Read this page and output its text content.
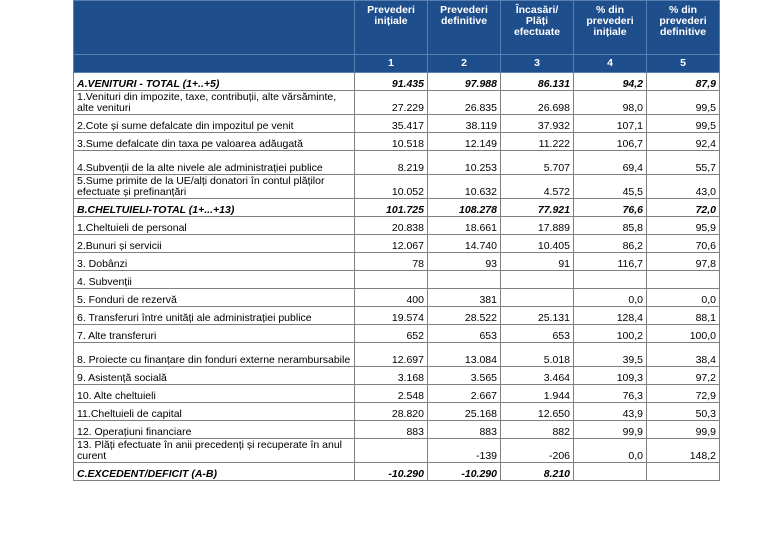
	Prevederi inițiale	Prevederi definitive	Încasări/ Plăți efectuate	% din prevederi inițiale	% din prevederi definitive
	1	2	3	4	5
A.VENITURI - TOTAL (1+..+5)	91.435	97.988	86.131	94,2	87,9
1.Venituri din impozite, taxe, contribuții, alte vărsăminte, alte venituri	27.229	26.835	26.698	98,0	99,5
2.Cote și sume defalcate din impozitul pe venit	35.417	38.119	37.932	107,1	99,5
3.Sume defalcate din taxa pe valoarea adăugată	10.518	12.149	11.222	106,7	92,4
4.Subvenții de la alte nivele ale administrației publice	8.219	10.253	5.707	69,4	55,7
5.Sume primite de la UE/alți donatori în contul plăților efectuate și prefinanțări	10.052	10.632	4.572	45,5	43,0
B.CHELTUIELI-TOTAL (1+...+13)	101.725	108.278	77.921	76,6	72,0
1.Cheltuieli de personal	20.838	18.661	17.889	85,8	95,9
2.Bunuri și servicii	12.067	14.740	10.405	86,2	70,6
3. Dobânzi	78	93	91	116,7	97,8
4. Subvenții					
5. Fonduri de rezervă	400	381		0,0	0,0
6. Transferuri între unități ale administrației publice	19.574	28.522	25.131	128,4	88,1
7. Alte transferuri	652	653	653	100,2	100,0
8. Proiecte cu finanțare din fonduri externe nerambursabile	12.697	13.084	5.018	39,5	38,4
9. Asistență socială	3.168	3.565	3.464	109,3	97,2
10. Alte cheltuieli	2.548	2.667	1.944	76,3	72,9
11.Cheltuieli de capital	28.820	25.168	12.650	43,9	50,3
12. Operațiuni financiare	883	883	882	99,9	99,9
13. Plăți efectuate în anii precedenți și recuperate în anul curent		-139	-206	0,0	148,2
C.EXCEDENT/DEFICIT (A-B)	-10.290	-10.290	8.210		
